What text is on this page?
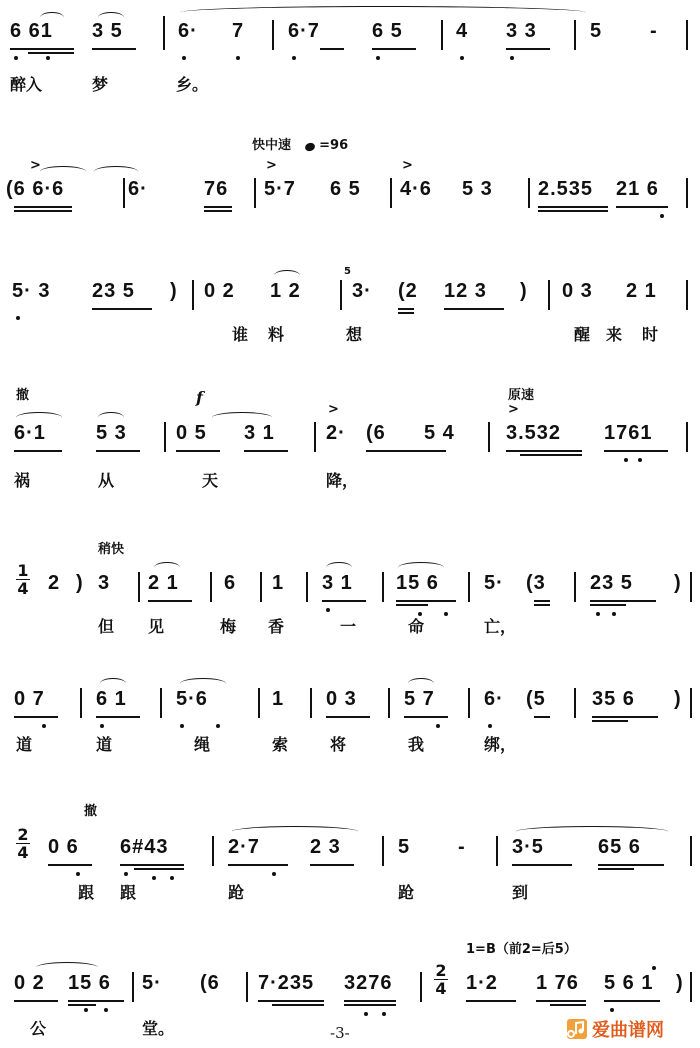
6 61 3 5	6· 7 6·7	6 5	4 3 3	5 -
醉入	梦	乡。
快中速 =96
(6 6·6	6·	76 5·7 6 5 4·6 5 3 2.535 21 6
>	>	>
5· 3 23 5 ) 0 2 1 2	3· (2 12 3 ) 0 3 2 1
5
谁 料	想	醒 来 时
撤	原速
f
6·1	5 3 0 5 3 1	2· (6 5 4	3.532 1761
>	>
祸	从	天	降，
稍快
1
4 2 ) 3 2 1 6 1 3 1 15 6 5· (3 23 5 )
但 见	梅 香	一	命	亡，
0 7	6 1 5·6	1 0 3 5 7 6· (5 35 6 )
道	道	绳	索	将	我	绑，
撤
2
4 0 6 6#43	2·7	2 3	5 - 3·5	65 6
跟 跟	跄	跄	到
1=B（前2=后5）
0 2 15 6 5· (6 7·235 3276	1·2 1 76 5 6 1 )
2
4
公	堂。	-3-	爱曲谱网
